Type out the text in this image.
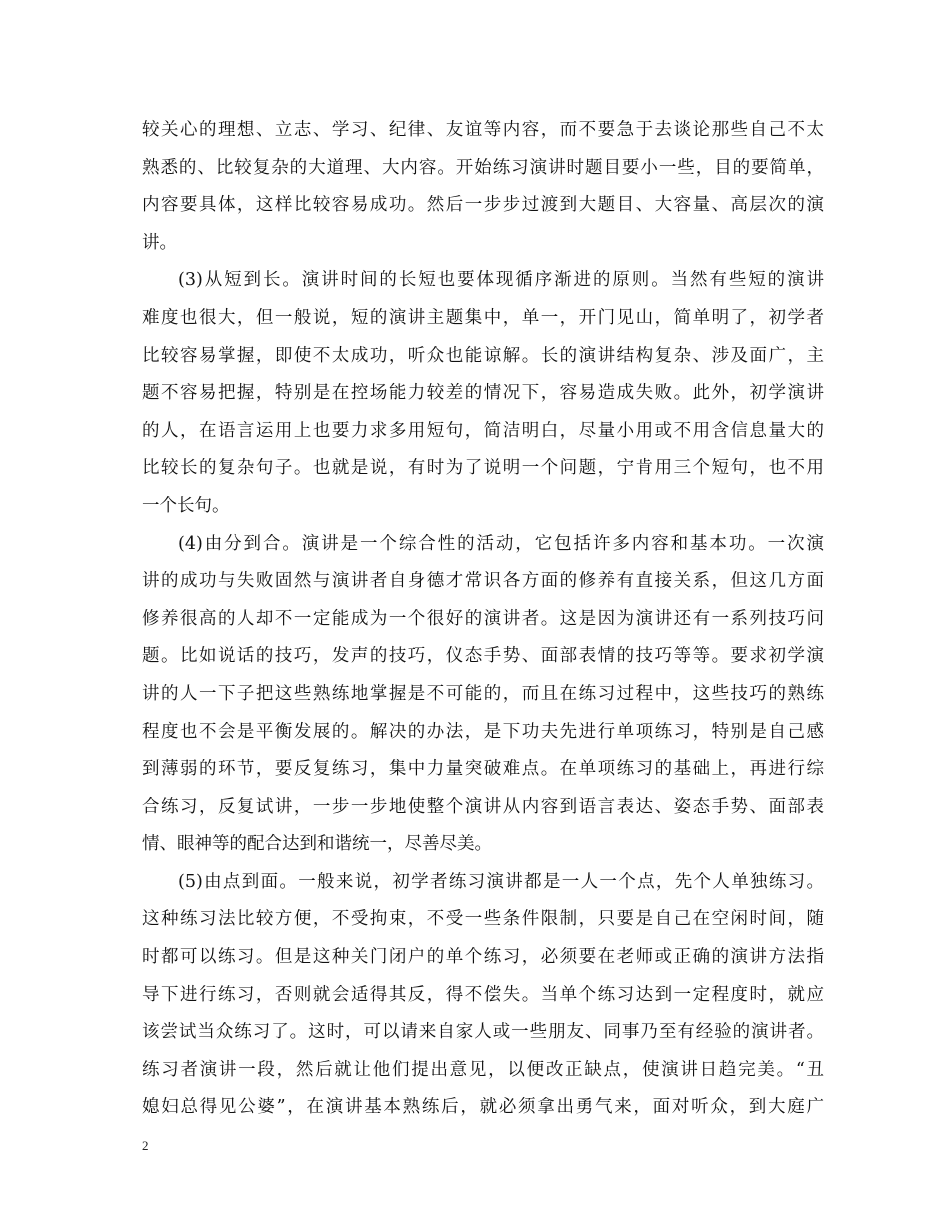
较关心的理想、立志、学习、纪律、友谊等内容，而不要急于去谈论那些自己不太
熟悉的、比较复杂的大道理、大内容。开始练习演讲时题目要小一些，目的要简单，
内容要具体，这样比较容易成功。然后一步步过渡到大题目、大容量、高层次的演
讲。
(3)从短到长。演讲时间的长短也要体现循序渐进的原则。当然有些短的演讲
难度也很大，但一般说，短的演讲主题集中，单一，开门见山，简单明了，初学者
比较容易掌握，即使不太成功，听众也能谅解。长的演讲结构复杂、涉及面广，主
题不容易把握，特别是在控场能力较差的情况下，容易造成失败。此外，初学演讲
的人，在语言运用上也要力求多用短句，简洁明白，尽量小用或不用含信息量大的
比较长的复杂句子。也就是说，有时为了说明一个问题，宁肯用三个短句，也不用
一个长句。
(4)由分到合。演讲是一个综合性的活动，它包括许多内容和基本功。一次演
讲的成功与失败固然与演讲者自身德才常识各方面的修养有直接关系，但这几方面
修养很高的人却不一定能成为一个很好的演讲者。这是因为演讲还有一系列技巧问
题。比如说话的技巧，发声的技巧，仪态手势、面部表情的技巧等等。要求初学演
讲的人一下子把这些熟练地掌握是不可能的，而且在练习过程中，这些技巧的熟练
程度也不会是平衡发展的。解决的办法，是下功夫先进行单项练习，特别是自己感
到薄弱的环节，要反复练习，集中力量突破难点。在单项练习的基础上，再进行综
合练习，反复试讲，一步一步地使整个演讲从内容到语言表达、姿态手势、面部表
情、眼神等的配合达到和谐统一，尽善尽美。
(5)由点到面。一般来说，初学者练习演讲都是一人一个点，先个人单独练习。
这种练习法比较方便，不受拘束，不受一些条件限制，只要是自己在空闲时间，随
时都可以练习。但是这种关门闭户的单个练习，必须要在老师或正确的演讲方法指
导下进行练习，否则就会适得其反，得不偿失。当单个练习达到一定程度时，就应
该尝试当众练习了。这时，可以请来自家人或一些朋友、同事乃至有经验的演讲者。
练习者演讲一段，然后就让他们提出意见，以便改正缺点，使演讲日趋完美。“丑
媳妇总得见公婆”，在演讲基本熟练后，就必须拿出勇气来，面对听众，到大庭广
2
